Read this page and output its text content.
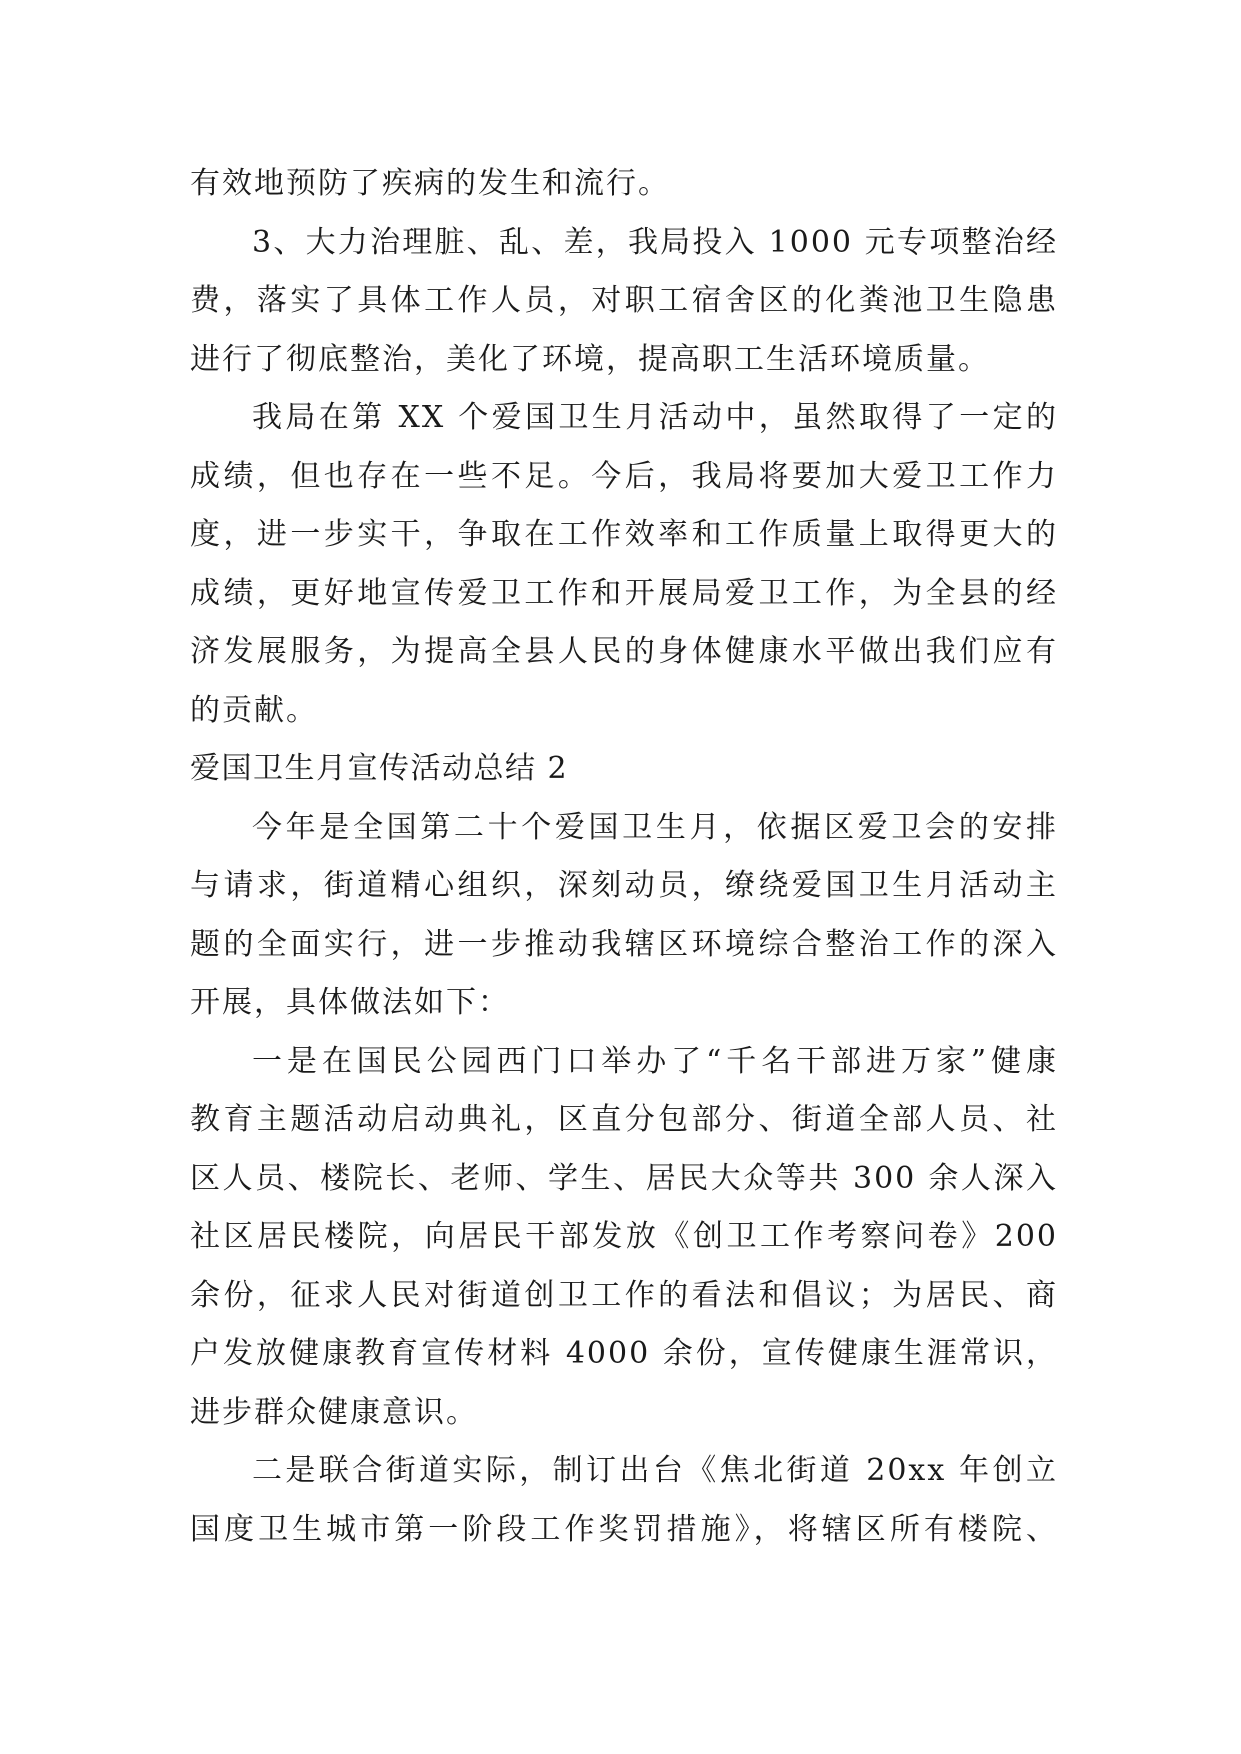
有效地预防了疾病的发生和流行。
3、大力治理脏、乱、差，我局投入 1000 元专项整治经
费，落实了具体工作人员，对职工宿舍区的化粪池卫生隐患
进行了彻底整治，美化了环境，提高职工生活环境质量。
我局在第 XX 个爱国卫生月活动中，虽然取得了一定的
成绩，但也存在一些不足。今后，我局将要加大爱卫工作力
度，进一步实干，争取在工作效率和工作质量上取得更大的
成绩，更好地宣传爱卫工作和开展局爱卫工作，为全县的经
济发展服务，为提高全县人民的身体健康水平做出我们应有
的贡献。
爱国卫生月宣传活动总结 2
今年是全国第二十个爱国卫生月，依据区爱卫会的安排
与请求，街道精心组织，深刻动员，缭绕爱国卫生月活动主
题的全面实行，进一步推动我辖区环境综合整治工作的深入
开展，具体做法如下：
一是在国民公园西门口举办了“千名干部进万家”健康
教育主题活动启动典礼，区直分包部分、街道全部人员、社
区人员、楼院长、老师、学生、居民大众等共 300 余人深入
社区居民楼院，向居民干部发放《创卫工作考察问卷》200
余份，征求人民对街道创卫工作的看法和倡议；为居民、商
户发放健康教育宣传材料 4000 余份，宣传健康生涯常识，
进步群众健康意识。
二是联合街道实际，制订出台《焦北街道 20xx 年创立
国度卫生城市第一阶段工作奖罚措施》，将辖区所有楼院、
